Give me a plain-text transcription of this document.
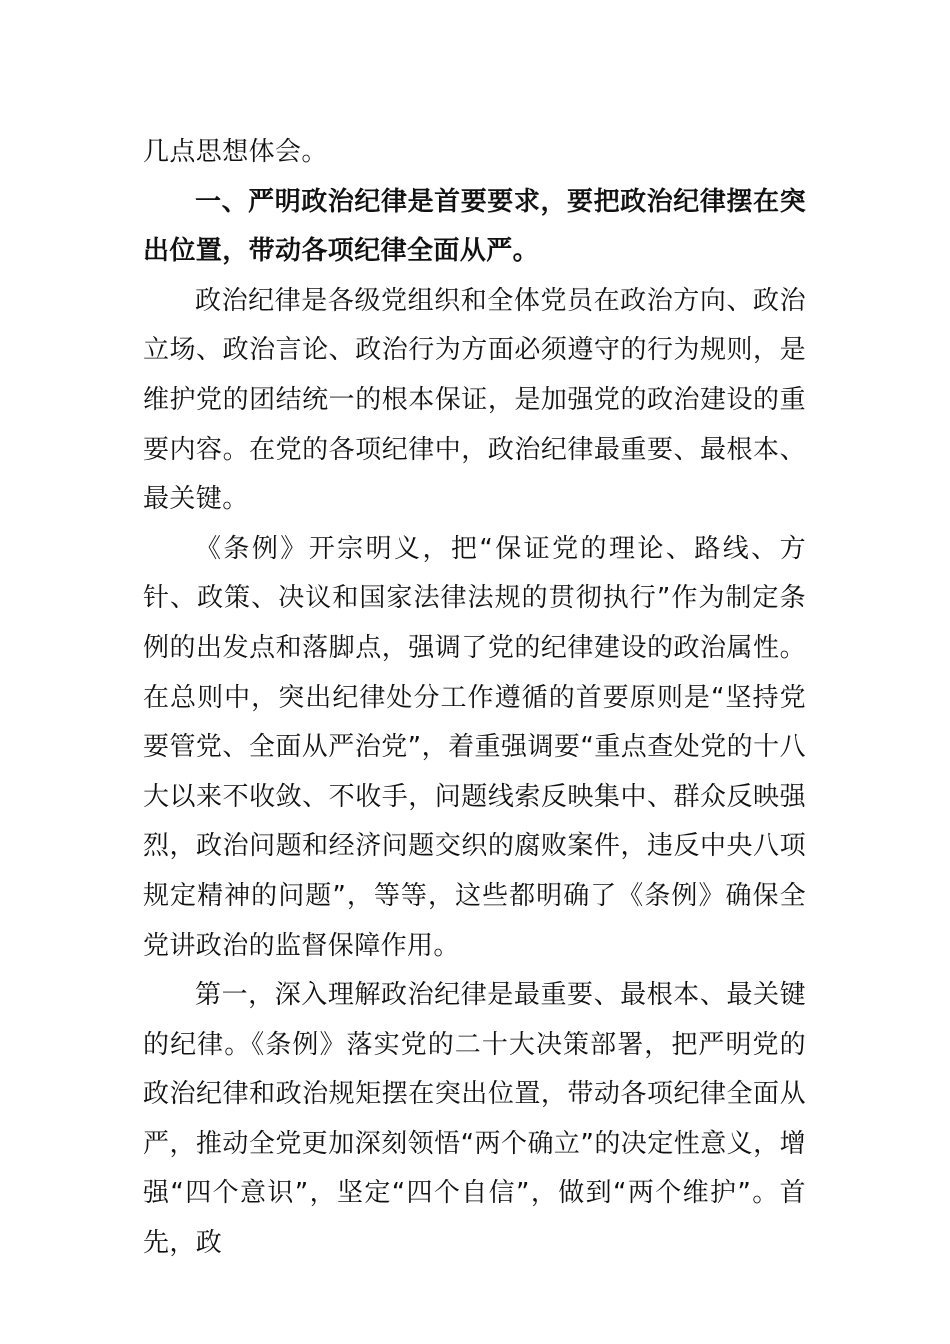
几点思想体会。

一、严明政治纪律是首要要求，要把政治纪律摆在突出位置，带动各项纪律全面从严。

政治纪律是各级党组织和全体党员在政治方向、政治立场、政治言论、政治行为方面必须遵守的行为规则，是维护党的团结统一的根本保证，是加强党的政治建设的重要内容。在党的各项纪律中，政治纪律最重要、最根本、最关键。

《条例》开宗明义，把“保证党的理论、路线、方针、政策、决议和国家法律法规的贯彻执行”作为制定条例的出发点和落脚点，强调了党的纪律建设的政治属性。在总则中，突出纪律处分工作遵循的首要原则是“坚持党要管党、全面从严治党”，着重强调要“重点查处党的十八大以来不收敛、不收手，问题线索反映集中、群众反映强烈，政治问题和经济问题交织的腐败案件，违反中央八项规定精神的问题”，等等，这些都明确了《条例》确保全党讲政治的监督保障作用。

第一，深入理解政治纪律是最重要、最根本、最关键的纪律。《条例》落实党的二十大决策部署，把严明党的政治纪律和政治规矩摆在突出位置，带动各项纪律全面从严，推动全党更加深刻领悟“两个确立”的决定性意义，增强“四个意识”，坚定“四个自信”，做到“两个维护”。首先，政
